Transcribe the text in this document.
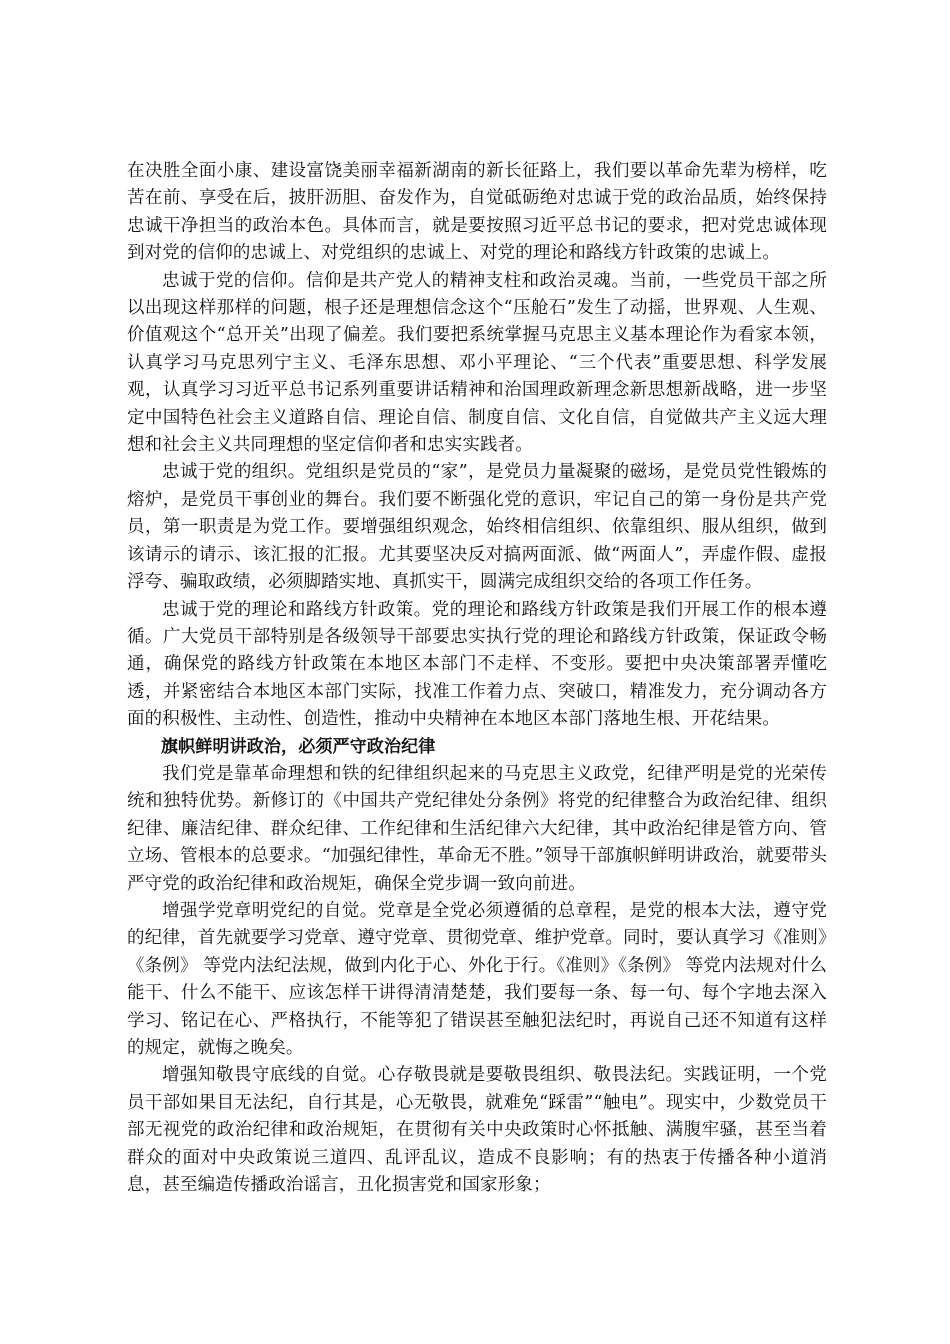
在决胜全面小康、建设富饶美丽幸福新湖南的新长征路上，我们要以革命先辈为榜样，吃苦在前、享受在后，披肝沥胆、奋发作为，自觉砥砺绝对忠诚于党的政治品质，始终保持忠诚干净担当的政治本色。具体而言，就是要按照习近平总书记的要求，把对党忠诚体现到对党的信仰的忠诚上、对党组织的忠诚上、对党的理论和路线方针政策的忠诚上。

忠诚于党的信仰。信仰是共产党人的精神支柱和政治灵魂。当前，一些党员干部之所以出现这样那样的问题，根子还是理想信念这个“压舱石”发生了动摇，世界观、人生观、价值观这个“总开关”出现了偏差。我们要把系统掌握马克思主义基本理论作为看家本领，认真学习马克思列宁主义、毛泽东思想、邓小平理论、“三个代表”重要思想、科学发展观，认真学习习近平总书记系列重要讲话精神和治国理政新理念新思想新战略，进一步坚定中国特色社会主义道路自信、理论自信、制度自信、文化自信，自觉做共产主义远大理想和社会主义共同理想的坚定信仰者和忠实实践者。

忠诚于党的组织。党组织是党员的“家”，是党员力量凝聚的磁场，是党员党性锻炼的熔炉，是党员干事创业的舞台。我们要不断强化党的意识，牢记自己的第一身份是共产党员，第一职责是为党工作。要增强组织观念，始终相信组织、依靠组织、服从组织，做到该请示的请示、该汇报的汇报。尤其要坚决反对搞两面派、做“两面人”，弄虚作假、虚报浮夸、骗取政绩，必须脚踏实地、真抓实干，圆满完成组织交给的各项工作任务。

忠诚于党的理论和路线方针政策。党的理论和路线方针政策是我们开展工作的根本遵循。广大党员干部特别是各级领导干部要忠实执行党的理论和路线方针政策，保证政令畅通，确保党的路线方针政策在本地区本部门不走样、不变形。要把中央决策部署弄懂吃透，并紧密结合本地区本部门实际，找准工作着力点、突破口，精准发力，充分调动各方面的积极性、主动性、创造性，推动中央精神在本地区本部门落地生根、开花结果。

旗帜鲜明讲政治，必须严守政治纪律

我们党是靠革命理想和铁的纪律组织起来的马克思主义政党，纪律严明是党的光荣传统和独特优势。新修订的《中国共产党纪律处分条例》将党的纪律整合为政治纪律、组织纪律、廉洁纪律、群众纪律、工作纪律和生活纪律六大纪律，其中政治纪律是管方向、管立场、管根本的总要求。“加强纪律性，革命无不胜。”领导干部旗帜鲜明讲政治，就要带头严守党的政治纪律和政治规矩，确保全党步调一致向前进。

增强学党章明党纪的自觉。党章是全党必须遵循的总章程，是党的根本大法，遵守党的纪律，首先就要学习党章、遵守党章、贯彻党章、维护党章。同时，要认真学习《准则》《条例》 等党内法纪法规，做到内化于心、外化于行。《准则》《条例》 等党内法规对什么能干、什么不能干、应该怎样干讲得清清楚楚，我们要每一条、每一句、每个字地去深入学习、铭记在心、严格执行，不能等犯了错误甚至触犯法纪时，再说自己还不知道有这样的规定，就悔之晚矣。

增强知敬畏守底线的自觉。心存敬畏就是要敬畏组织、敬畏法纪。实践证明，一个党员干部如果目无法纪，自行其是，心无敬畏，就难免“踩雷”“触电”。现实中，少数党员干部无视党的政治纪律和政治规矩，在贯彻有关中央政策时心怀抵触、满腹牢骚，甚至当着群众的面对中央政策说三道四、乱评乱议，造成不良影响；有的热衷于传播各种小道消息，甚至编造传播政治谣言，丑化损害党和国家形象；
